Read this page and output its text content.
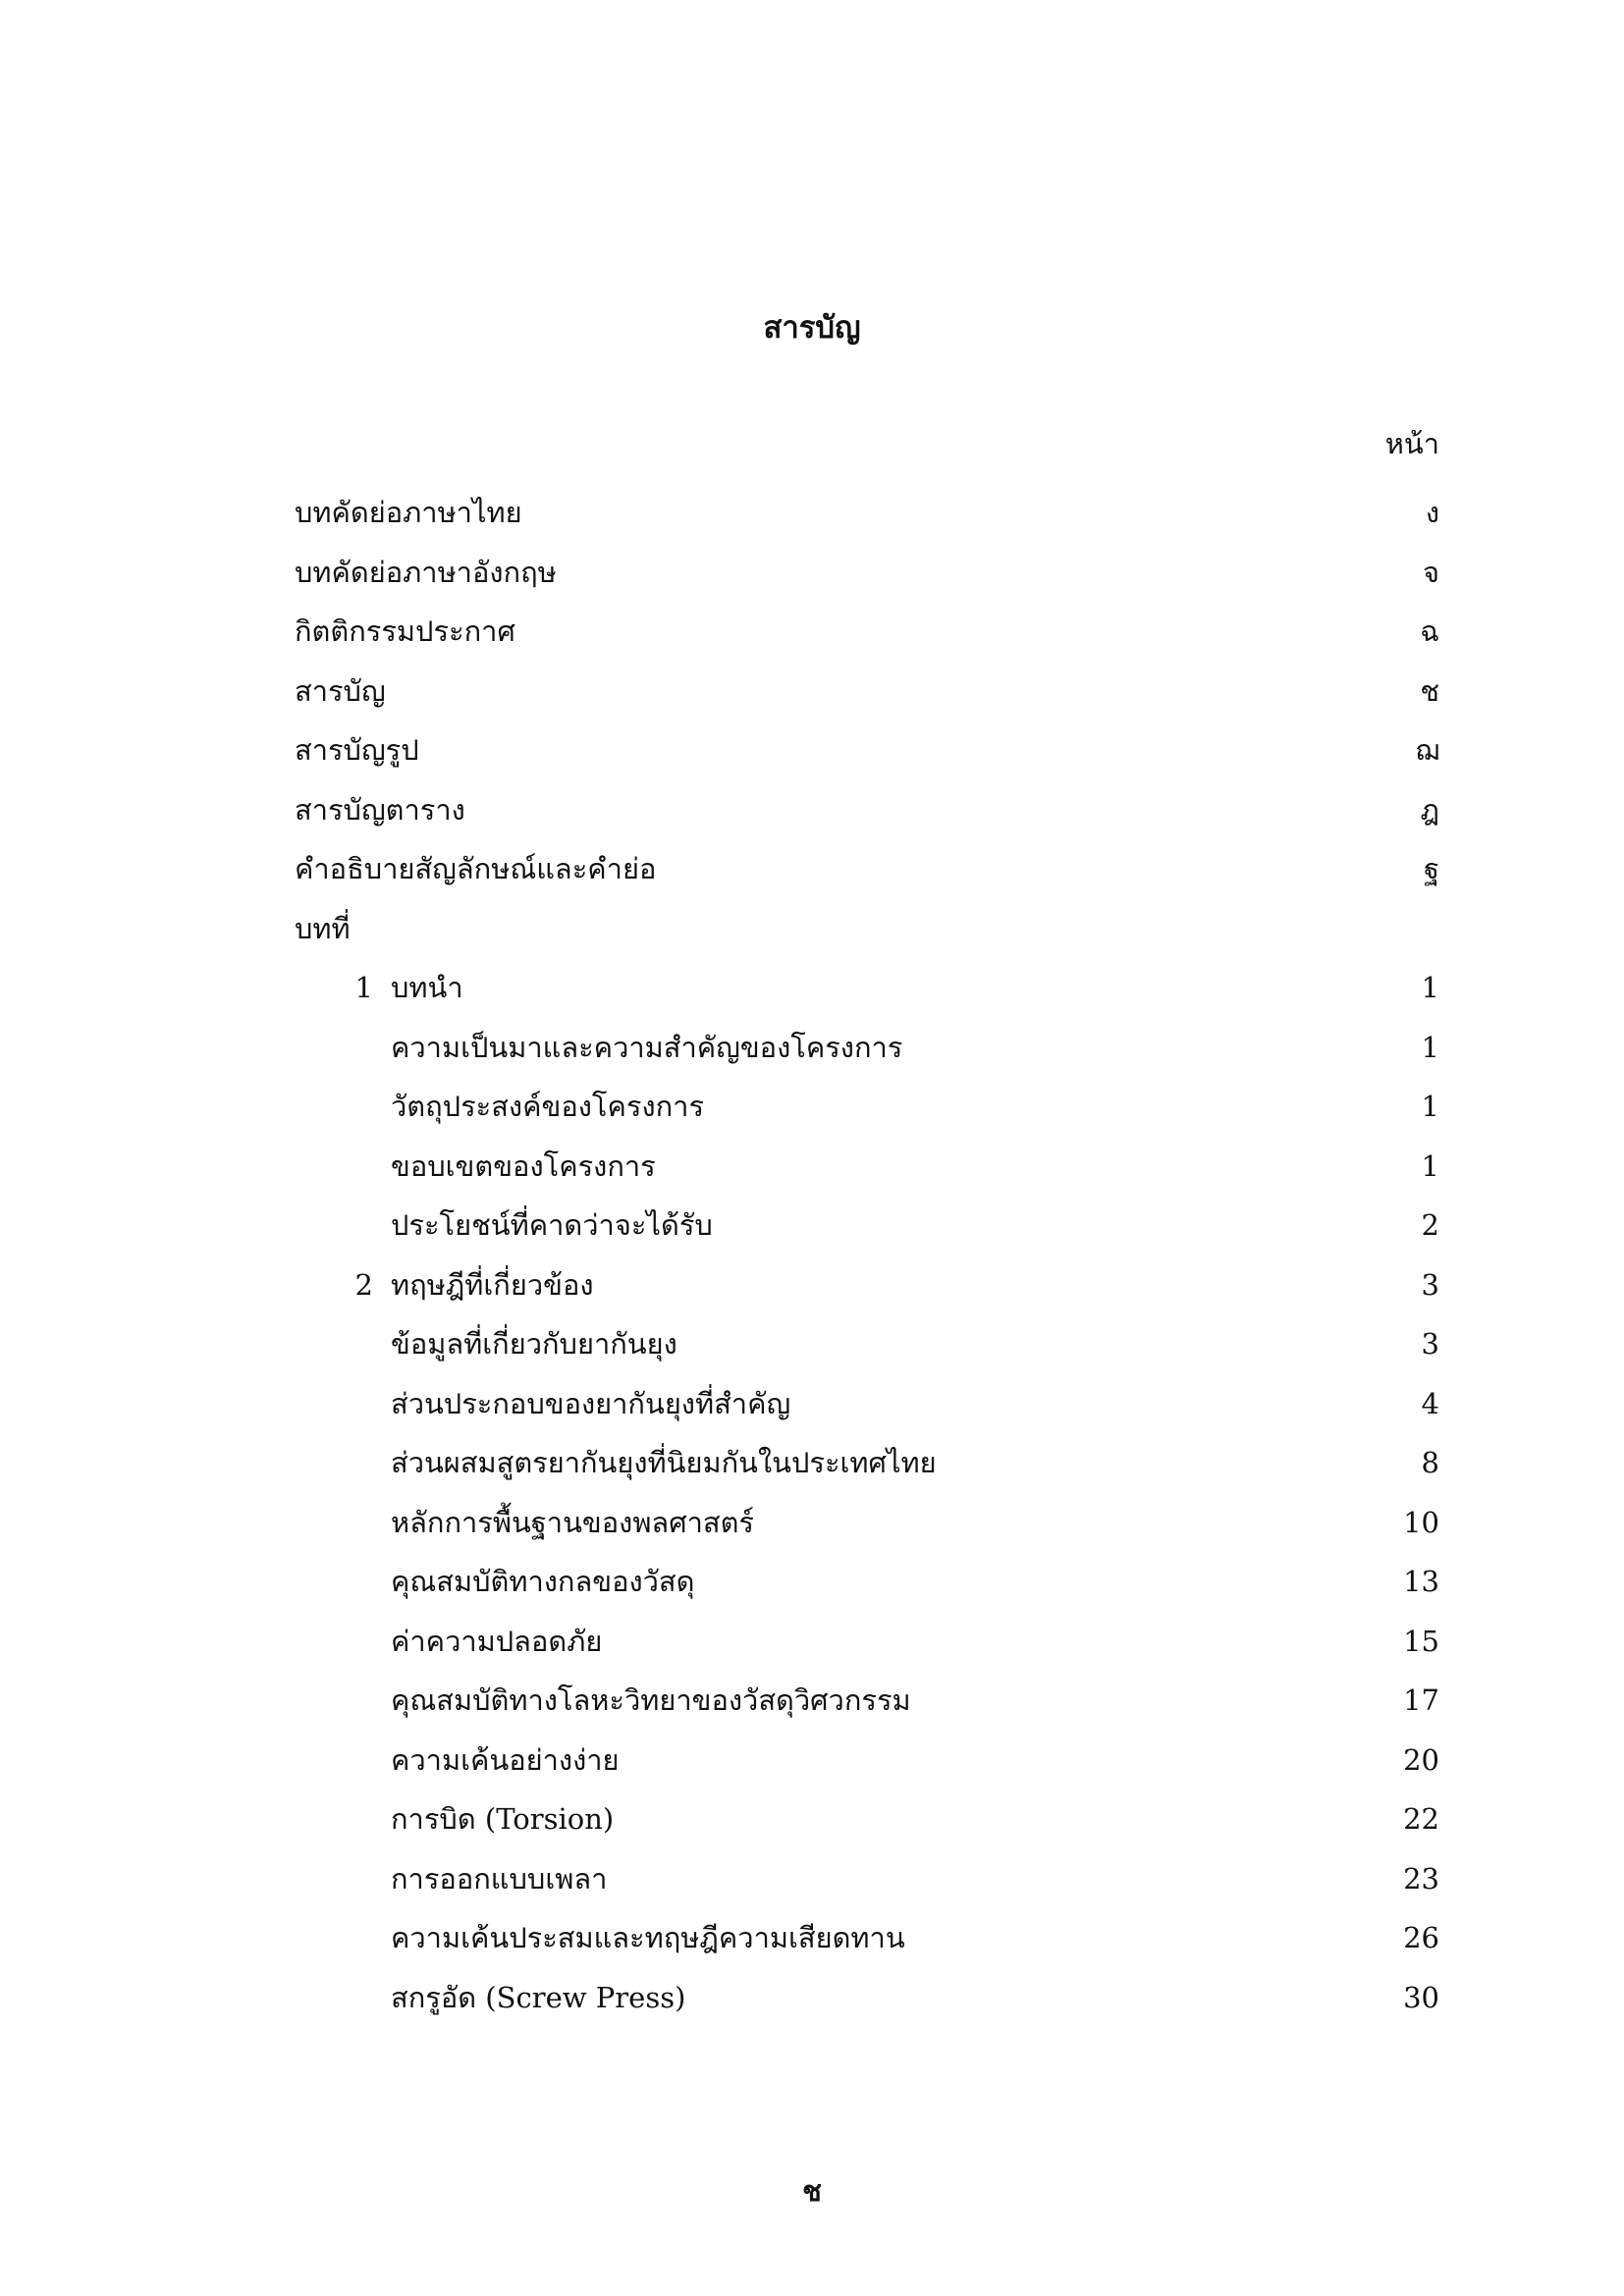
สารบัญ
หน้า
บทคัดย่อภาษาไทย	ง
บทคัดย่อภาษาอังกฤษ	จ
กิตติกรรมประกาศ	ฉ
สารบัญ	ช
สารบัญรูป	ฌ
สารบัญตาราง	ฎ
คำอธิบายสัญลักษณ์และคำย่อ	ฐ
บทที่
1 บทนำ	1
ความเป็นมาและความสำคัญของโครงการ	1
วัตถุประสงค์ของโครงการ	1
ขอบเขตของโครงการ	1
ประโยชน์ที่คาดว่าจะได้รับ	2
2 ทฤษฎีที่เกี่ยวข้อง	3
ข้อมูลที่เกี่ยวกับยากันยุง	3
ส่วนประกอบของยากันยุงที่สำคัญ	4
ส่วนผสมสูตรยากันยุงที่นิยมกันในประเทศไทย	8
หลักการพื้นฐานของพลศาสตร์	10
คุณสมบัติทางกลของวัสดุ	13
ค่าความปลอดภัย	15
คุณสมบัติทางโลหะวิทยาของวัสดุวิศวกรรม	17
ความเค้นอย่างง่าย	20
การบิด (Torsion)	22
การออกแบบเพลา	23
ความเค้นประสมและทฤษฎีความเสียดทาน	26
สกรูอัด (Screw Press)	30
ช
